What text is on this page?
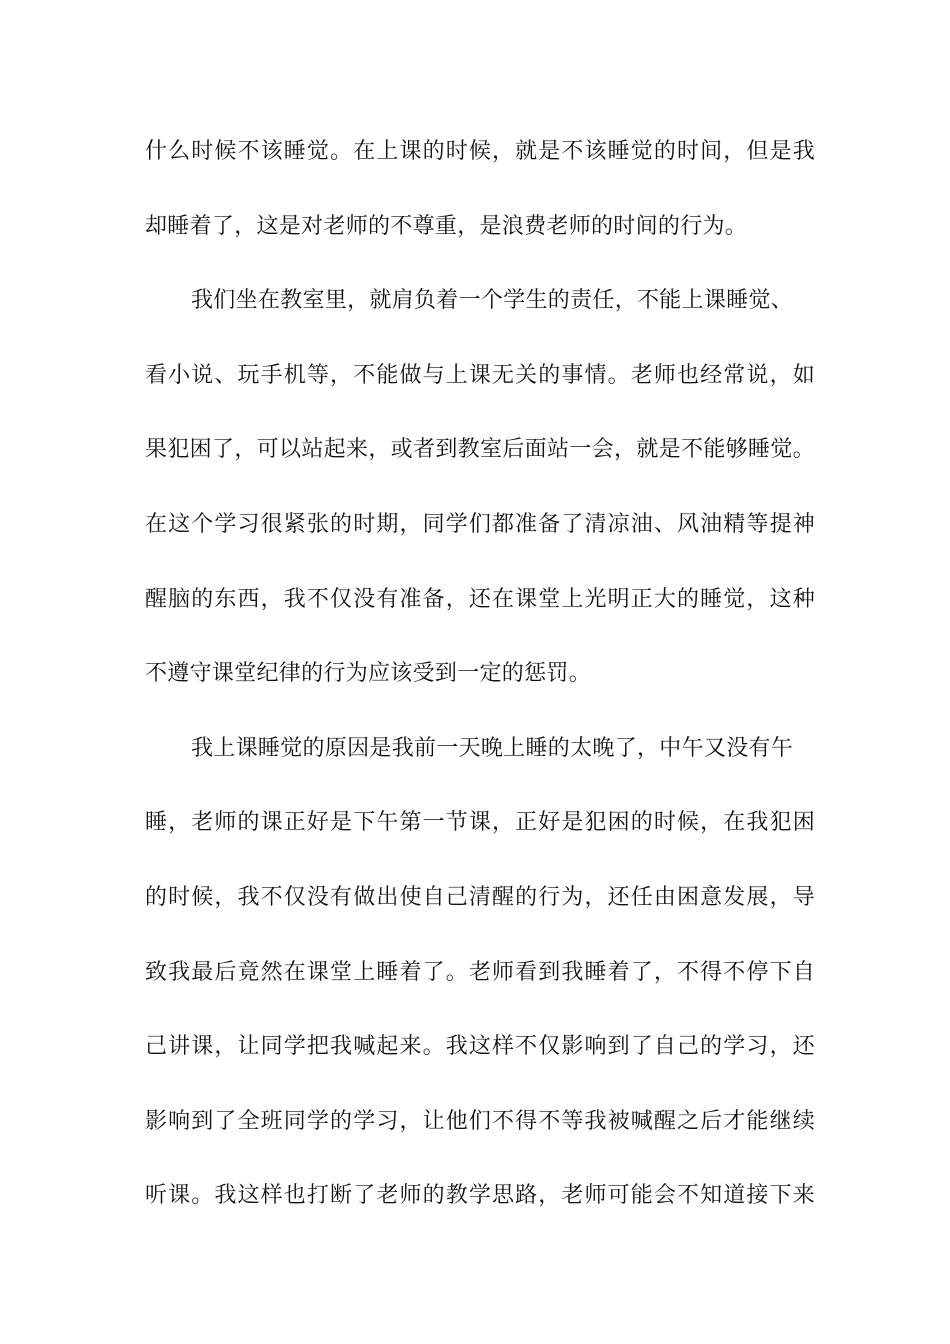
什么时候不该睡觉。在上课的时候，就是不该睡觉的时间，但是我
却睡着了，这是对老师的不尊重，是浪费老师的时间的行为。
我们坐在教室里，就肩负着一个学生的责任，不能上课睡觉、
看小说、玩手机等，不能做与上课无关的事情。老师也经常说，如
果犯困了，可以站起来，或者到教室后面站一会，就是不能够睡觉。
在这个学习很紧张的时期，同学们都准备了清凉油、风油精等提神
醒脑的东西，我不仅没有准备，还在课堂上光明正大的睡觉，这种
不遵守课堂纪律的行为应该受到一定的惩罚。
我上课睡觉的原因是我前一天晚上睡的太晚了，中午又没有午
睡，老师的课正好是下午第一节课，正好是犯困的时候，在我犯困
的时候，我不仅没有做出使自己清醒的行为，还任由困意发展，导
致我最后竟然在课堂上睡着了。老师看到我睡着了，不得不停下自
己讲课，让同学把我喊起来。我这样不仅影响到了自己的学习，还
影响到了全班同学的学习，让他们不得不等我被喊醒之后才能继续
听课。我这样也打断了老师的教学思路，老师可能会不知道接下来
